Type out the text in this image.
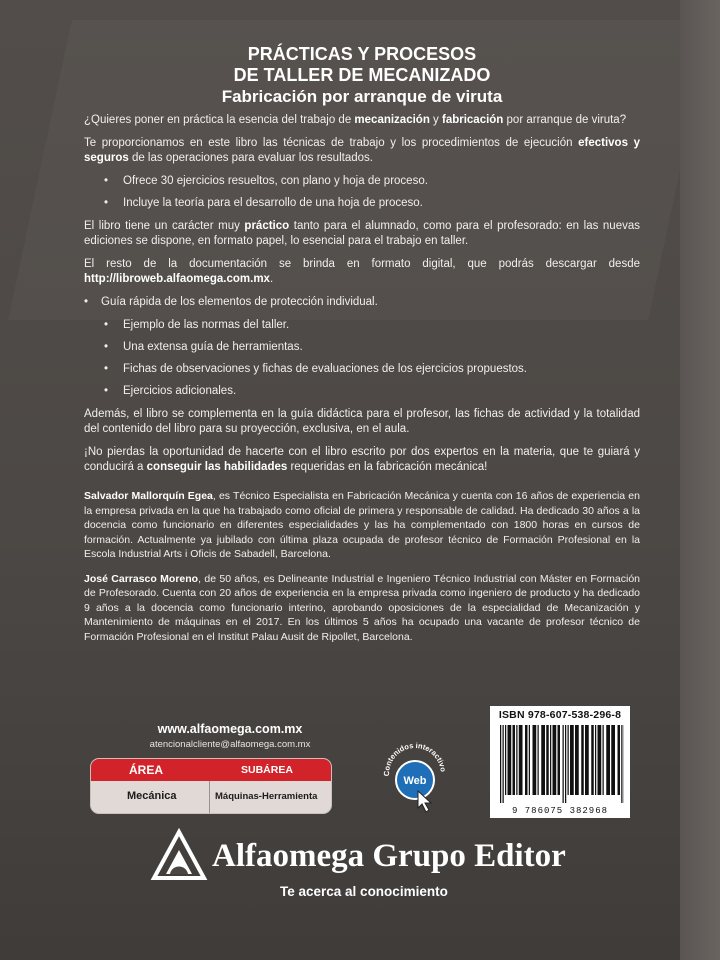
PRÁCTICAS Y PROCESOS
DE TALLER DE MECANIZADO
Fabricación por arranque de viruta

¿Quieres poner en práctica la esencia del trabajo de mecanización y fabricación por arranque de viruta?

Te proporcionamos en este libro las técnicas de trabajo y los procedimientos de ejecución efectivos y seguros de las operaciones para evaluar los resultados.

• Ofrece 30 ejercicios resueltos, con plano y hoja de proceso.
• Incluye la teoría para el desarrollo de una hoja de proceso.

El libro tiene un carácter muy práctico tanto para el alumnado, como para el profesorado: en las nuevas ediciones se dispone, en formato papel, lo esencial para el trabajo en taller.

El resto de la documentación se brinda en formato digital, que podrás descargar desde http://libroweb.alfaomega.com.mx.

• Guía rápida de los elementos de protección individual.
• Ejemplo de las normas del taller.
• Una extensa guía de herramientas.
• Fichas de observaciones y fichas de evaluaciones de los ejercicios propuestos.
• Ejercicios adicionales.

Además, el libro se complementa en la guía didáctica para el profesor, las fichas de actividad y la totalidad del contenido del libro para su proyección, exclusiva, en el aula.

¡No pierdas la oportunidad de hacerte con el libro escrito por dos expertos en la materia, que te guiará y conducirá a conseguir las habilidades requeridas en la fabricación mecánica!

Salvador Mallorquín Egea, es Técnico Especialista en Fabricación Mecánica y cuenta con 16 años de experiencia en la empresa privada en la que ha trabajado como oficial de primera y responsable de calidad. Ha dedicado 30 años a la docencia como funcionario en diferentes especialidades y las ha complementado con 1800 horas en cursos de formación. Actualmente ya jubilado con última plaza ocupada de profesor técnico de Formación Profesional en la Escola Industrial Arts i Oficis de Sabadell, Barcelona.

José Carrasco Moreno, de 50 años, es Delineante Industrial e Ingeniero Técnico Industrial con Máster en Formación de Profesorado. Cuenta con 20 años de experiencia en la empresa privada como ingeniero de producto y ha dedicado 9 años a la docencia como funcionario interino, aprobando oposiciones de la especialidad de Mecanización y Mantenimiento de máquinas en el 2017. En los últimos 5 años ha ocupado una vacante de profesor técnico de Formación Profesional en el Institut Palau Ausit de Ripollet, Barcelona.

www.alfaomega.com.mx
atencionalcliente@alfaomega.com.mx
ÁREA	SUBÁREA
Mecánica	Máquinas-Herramienta
Contenidos interactivo
Web
ISBN 978-607-538-296-8
9 786075 382968
Alfaomega Grupo Editor
Te acerca al conocimiento
